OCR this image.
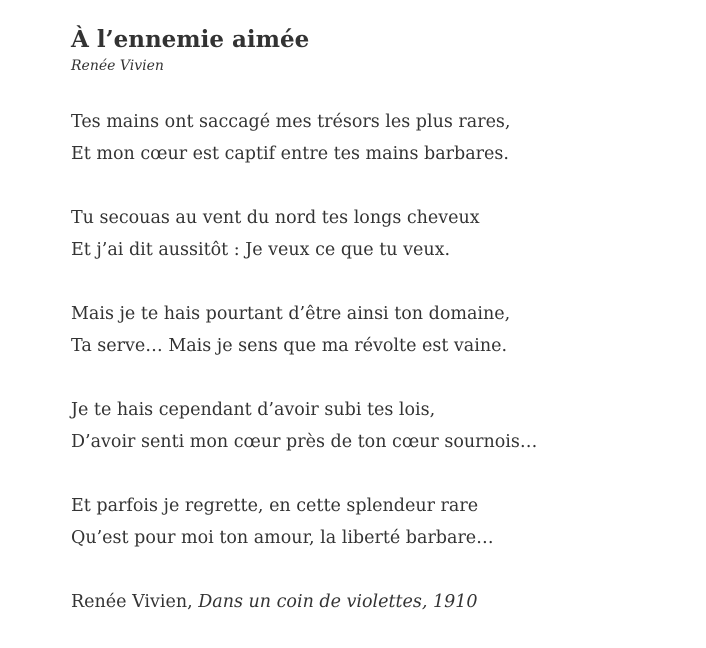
À l’ennemie aimée
Renée Vivien

Tes mains ont saccagé mes trésors les plus rares,
Et mon cœur est captif entre tes mains barbares.

Tu secouas au vent du nord tes longs cheveux
Et j’ai dit aussitôt : Je veux ce que tu veux.

Mais je te hais pourtant d’être ainsi ton domaine,
Ta serve… Mais je sens que ma révolte est vaine.

Je te hais cependant d’avoir subi tes lois,
D’avoir senti mon cœur près de ton cœur sournois…

Et parfois je regrette, en cette splendeur rare
Qu’est pour moi ton amour, la liberté barbare…

Renée Vivien, Dans un coin de violettes, 1910
